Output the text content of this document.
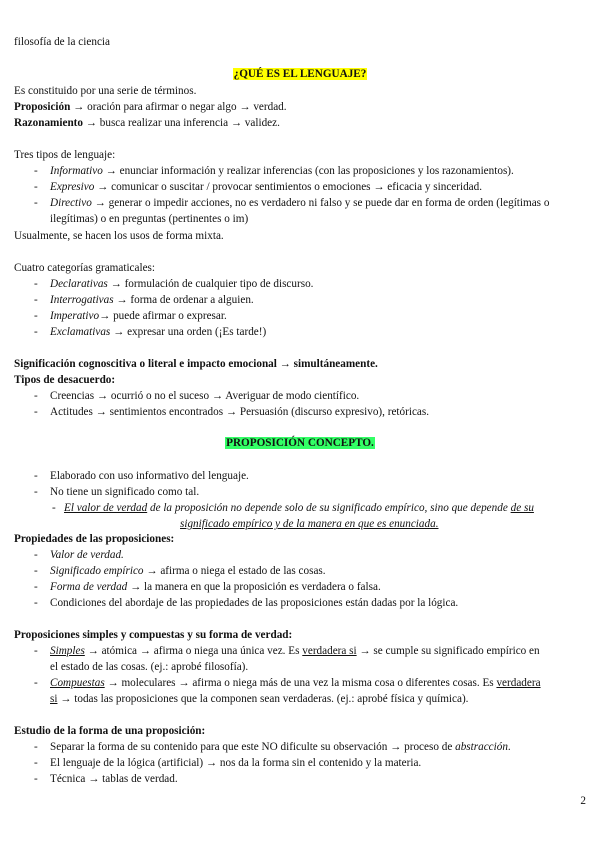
filosofía de la ciencia
¿QUÉ ES EL LENGUAJE?
Es constituido por una serie de términos.
Proposición → oración para afirmar o negar algo → verdad.
Razonamiento → busca realizar una inferencia → validez.
Tres tipos de lenguaje:
- Informativo → enunciar información y realizar inferencias (con las proposiciones y los razonamientos).
- Expresivo → comunicar o suscitar / provocar sentimientos o emociones → eficacia y sinceridad.
- Directivo → generar o impedir acciones, no es verdadero ni falso y se puede dar en forma de orden (legítimas o ilegítimas) o en preguntas (pertinentes o im)
Usualmente, se hacen los usos de forma mixta.
Cuatro categorías gramaticales:
- Declarativas → formulación de cualquier tipo de discurso.
- Interrogativas → forma de ordenar a alguien.
- Imperativo→ puede afirmar o expresar.
- Exclamativas → expresar una orden (¡Es tarde!)
Significación cognoscitiva o literal e impacto emocional → simultáneamente.
Tipos de desacuerdo:
- Creencias → ocurrió o no el suceso → Averiguar de modo científico.
- Actitudes → sentimientos encontrados → Persuasión (discurso expresivo), retóricas.
PROPOSICIÓN CONCEPTO.
- Elaborado con uso informativo del lenguaje.
- No tiene un significado como tal.
- El valor de verdad de la proposición no depende solo de su significado empírico, sino que depende de su
significado empírico y de la manera en que es enunciada.
Propiedades de las proposiciones:
- Valor de verdad.
- Significado empírico → afirma o niega el estado de las cosas.
- Forma de verdad → la manera en que la proposición es verdadera o falsa.
- Condiciones del abordaje de las propiedades de las proposiciones están dadas por la lógica.
Proposiciones simples y compuestas y su forma de verdad:
- Simples → atómica → afirma o niega una única vez. Es verdadera si → se cumple su significado empírico en
el estado de las cosas. (ej.: aprobé filosofía).
- Compuestas → moleculares → afirma o niega más de una vez la misma cosa o diferentes cosas. Es verdadera
si → todas las proposiciones que la componen sean verdaderas. (ej.: aprobé física y química).
Estudio de la forma de una proposición:
- Separar la forma de su contenido para que este NO dificulte su observación → proceso de abstracción.
- El lenguaje de la lógica (artificial) → nos da la forma sin el contenido y la materia.
- Técnica → tablas de verdad.
2
